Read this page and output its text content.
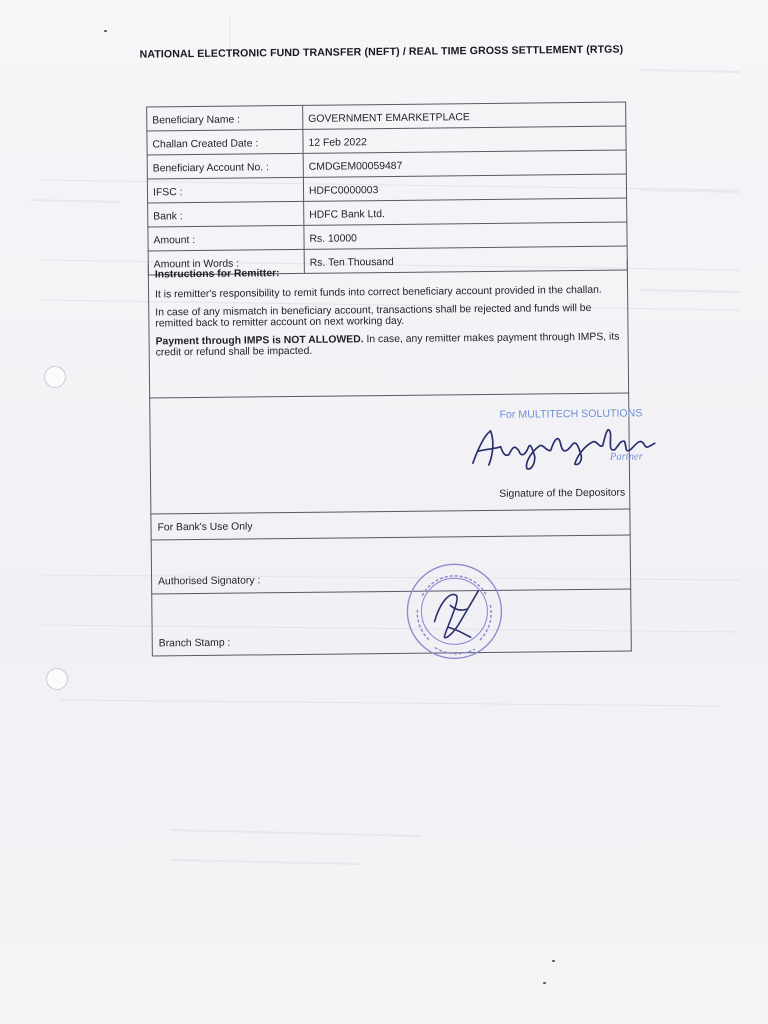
NATIONAL ELECTRONIC FUND TRANSFER (NEFT) / REAL TIME GROSS SETTLEMENT (RTGS)
Beneficiary Name :	GOVERNMENT EMARKETPLACE
Challan Created Date :	12 Feb 2022
Beneficiary Account No. :	CMDGEM00059487
IFSC :	HDFC0000003
Bank :	HDFC Bank Ltd.
Amount :	Rs. 10000
Amount in Words :	Rs. Ten Thousand
Instructions for Remitter:

It is remitter's responsibility to remit funds into correct beneficiary account provided in the challan.

In case of any mismatch in beneficiary account, transactions shall be rejected and funds will be remitted back to remitter account on next working day.

Payment through IMPS is NOT ALLOWED. In case, any remitter makes payment through IMPS, its credit or refund shall be impacted.

For MULTITECH SOLUTIONS
Partner
Signature of the Depositors
For Bank's Use Only
Authorised Signatory :
Branch Stamp :
